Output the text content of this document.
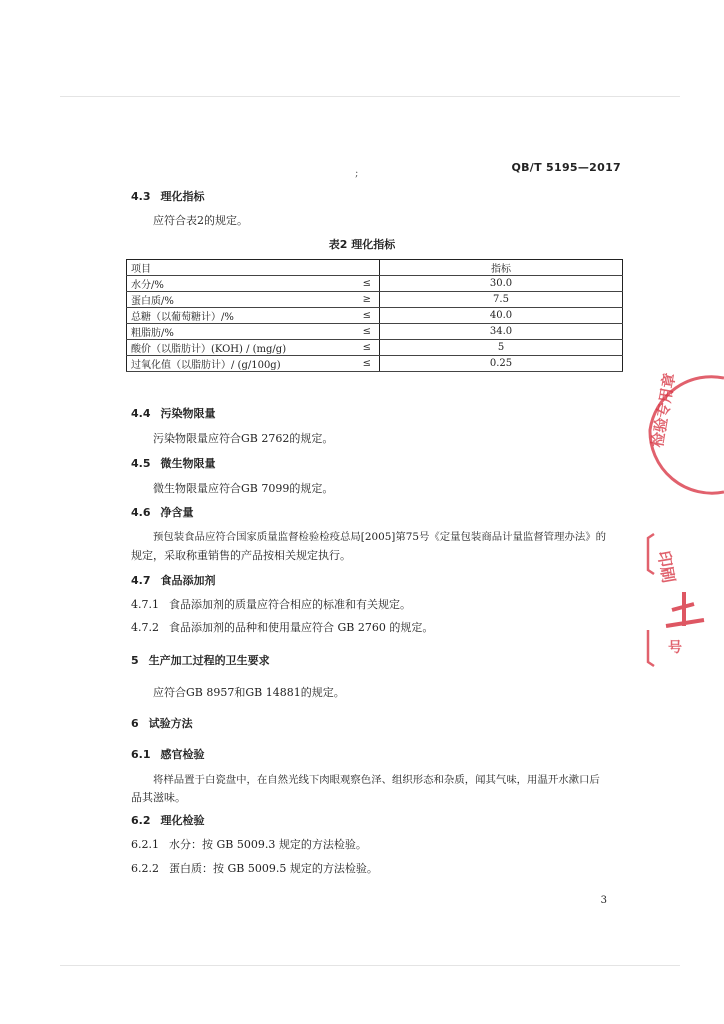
QB/T 5195—2017
;
4.3 理化指标
应符合表2的规定。
表2 理化指标
项目		指标
水分/%	≤	30.0
蛋白质/%	≥	7.5
总糖（以葡萄糖计）/%	≤	40.0
粗脂肪/%	≤	34.0
酸价（以脂肪计）(KOH) / (mg/g)	≤	5
过氧化值（以脂肪计）/ (g/100g)	≤	0.25
4.4 污染物限量
污染物限量应符合GB 2762的规定。
4.5 微生物限量
微生物限量应符合GB 7099的规定。
4.6 净含量
预包装食品应符合国家质量监督检验检疫总局[2005]第75号《定量包装商品计量监督管理办法》的
规定，采取称重销售的产品按相关规定执行。
4.7 食品添加剂
4.7.1 食品添加剂的质量应符合相应的标准和有关规定。
4.7.2 食品添加剂的品种和使用量应符合 GB 2760 的规定。
5 生产加工过程的卫生要求
应符合GB 8957和GB 14881的规定。
6 试验方法
6.1 感官检验
将样品置于白瓷盘中，在自然光线下肉眼观察色泽、组织形态和杂质，闻其气味，用温开水漱口后
品其滋味。
6.2 理化检验
6.2.1 水分：按 GB 5009.3 规定的方法检验。
6.2.2 蛋白质：按 GB 5009.5 规定的方法检验。
3
检验专用章
印刷
号
